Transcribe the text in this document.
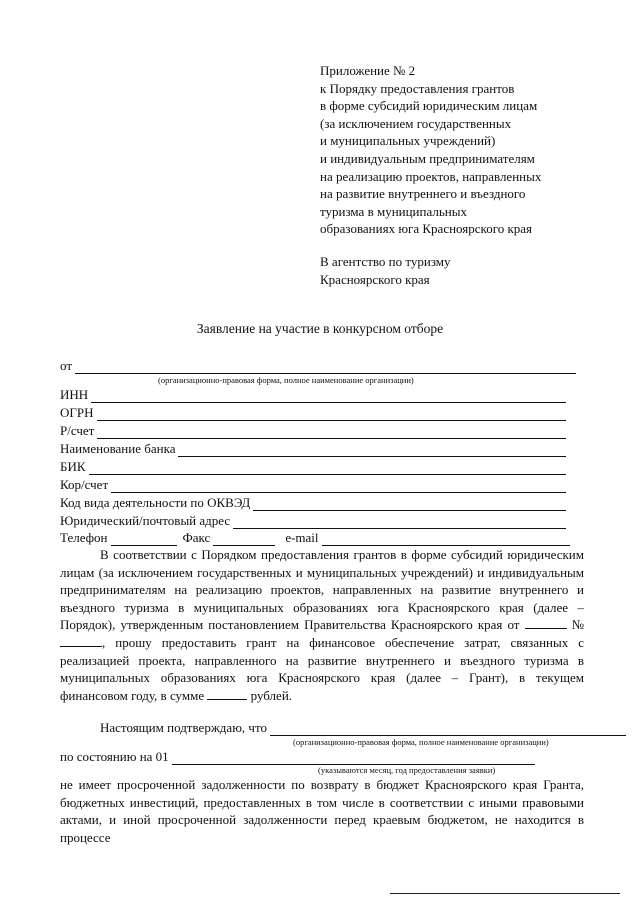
Приложение № 2
к Порядку предоставления грантов
в форме субсидий юридическим лицам
(за исключением государственных
и муниципальных учреждений)
и индивидуальным предпринимателям
на реализацию проектов, направленных
на развитие внутреннего и въездного
туризма в муниципальных
образованиях юга Красноярского края
В агентство по туризму
Красноярского края
Заявление на участие в конкурсном отборе
от
(организационно-правовая форма, полное наименование организации)
ИНН
ОГРН
Р/счет
Наименование банка
БИК
Кор/счет
Код вида деятельности по ОКВЭД
Юридический/почтовый адрес
Телефон	Факс	e-mail

В соответствии с Порядком предоставления грантов в форме субсидий юридическим лицам (за исключением государственных и муниципальных учреждений) и индивидуальным предпринимателям на реализацию проектов, направленных на развитие внутреннего и въездного туризма в муниципальных образованиях юга Красноярского края (далее – Порядок), утвержденным постановлением Правительства Красноярского края от	№, прошу предоставить грант на финансовое обеспечение затрат, связанных с реализацией проекта, направленного на развитие внутреннего и въездного туризма в муниципальных образованиях юга Красноярского края (далее – Грант), в текущем финансовом году, в сумме	рублей.

Настоящим подтверждаю, что
(организационно-правовая форма, полное наименование организации)
по состоянию на 01
(указываются месяц, год предоставления заявки)

не имеет просроченной задолженности по возврату в бюджет Красноярского края Гранта, бюджетных инвестиций, предоставленных в том числе в соответствии с иными правовыми актами, и иной просроченной задолженности перед краевым бюджетом, не находится в процессе
